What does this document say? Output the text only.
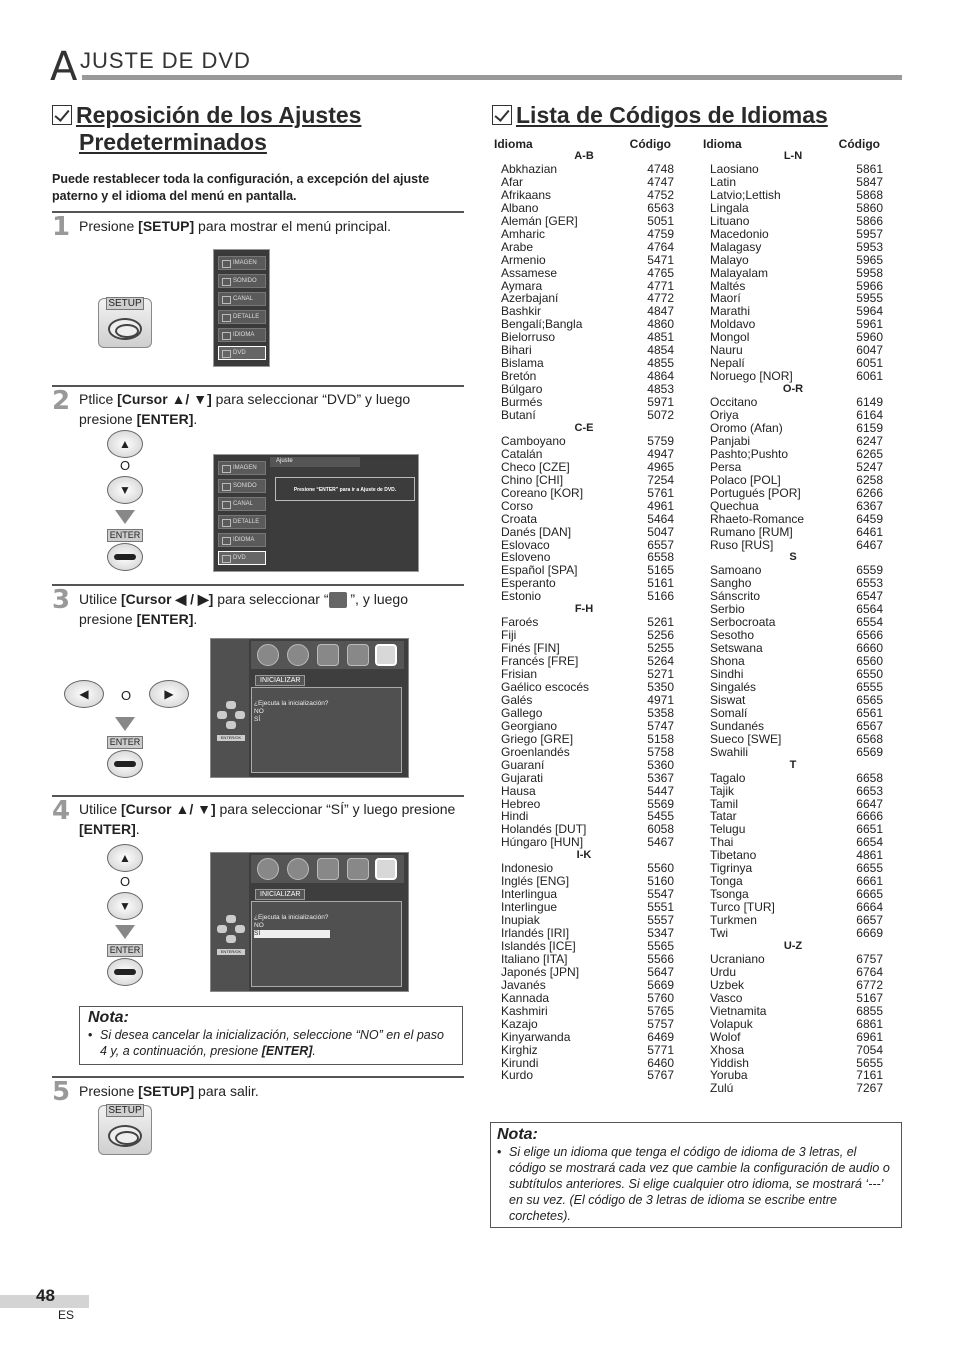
A JUSTE DE DVD
Reposición de los Ajustes
Predeterminados
Puede restablecer toda la configuración, a excepción del ajuste paterno y el idioma del menú en pantalla.
1 Presione [SETUP] para mostrar el menú principal.
SETUP
IMAGEN
SONIDO
CANAL
DETALLE
IDIOMA
DVD
2 Ptlice [Cursor ▲/ ▼] para seleccionar “DVD” y luego presione [ENTER].
▲
O
▼
ENTER
IMAGEN
SONIDO
CANAL
DETALLE
IDIOMA
DVD
Ajuste
Presione “ENTER” para ir a Ajuste de DVD.
3 Utilice [Cursor ◀ / ▶] para seleccionar “ ”, y luego presione [ENTER].
◀	O	▶
ENTER
INICIALIZAR
ENTER/OK
¿Ejecuta la inicialización?
NO
SÍ
4 Utilice [Cursor ▲/ ▼] para seleccionar “SÍ” y luego presione [ENTER].
▲
O
▼
ENTER
INICIALIZAR
ENTER/OK
¿Ejecuta la inicialización?
NO
SÍ
Nota:
• Si desea cancelar la inicialización, seleccione “NO” en el paso 4 y, a continuación, presione [ENTER].
5 Presione [SETUP] para salir.
SETUP
Lista de Códigos de Idiomas
Idioma	Código
A-B
Abkhazian	4748
Afar	4747
Afrikaans	4752
Albano	6563
Alemán [GER]	5051
Amharic	4759
Arabe	4764
Armenio	5471
Assamese	4765
Aymara	4771
Azerbajaní	4772
Bashkir	4847
Bengalí;Bangla	4860
Bielorruso	4851
Bihari	4854
Bislama	4855
Bretón	4864
Búlgaro	4853
Burmés	5971
Butaní	5072
C-E
Camboyano	5759
Catalán	4947
Checo [CZE]	4965
Chino [CHI]	7254
Coreano [KOR]	5761
Corso	4961
Croata	5464
Danés [DAN]	5047
Eslovaco	6557
Esloveno	6558
Español [SPA]	5165
Esperanto	5161
Estonio	5166
F-H
Faroés	5261
Fiji	5256
Finés [FIN]	5255
Francés [FRE]	5264
Frisian	5271
Gaélico escocés	5350
Galés	4971
Gallego	5358
Georgiano	5747
Griego [GRE]	5158
Groenlandés	5758
Guaraní	5360
Gujarati	5367
Hausa	5447
Hebreo	5569
Hindi	5455
Holandés [DUT]	6058
Húngaro [HUN]	5467
I-K
Indonesio	5560
Inglés [ENG]	5160
Interlingua	5547
Interlingue	5551
Inupiak	5557
Irlandés [IRI]	5347
Islandés [ICE]	5565
Italiano [ITA]	5566
Japonés [JPN]	5647
Javanés	5669
Kannada	5760
Kashmiri	5765
Kazajo	5757
Kinyarwanda	6469
Kirghiz	5771
Kirundi	6460
Kurdo	5767
Idioma	Código
L-N
Laosiano	5861
Latin	5847
Latvio;Lettish	5868
Lingala	5860
Lituano	5866
Macedonio	5957
Malagasy	5953
Malayo	5965
Malayalam	5958
Maltés	5966
Maorí	5955
Marathi	5964
Moldavo	5961
Mongol	5960
Nauru	6047
Nepalí	6051
Noruego [NOR]	6061
O-R
Occitano	6149
Oriya	6164
Oromo (Afan)	6159
Panjabi	6247
Pashto;Pushto	6265
Persa	5247
Polaco [POL]	6258
Portugués [POR]	6266
Quechua	6367
Rhaeto-Romance	6459
Rumano [RUM]	6461
Ruso [RUS]	6467
S
Samoano	6559
Sangho	6553
Sánscrito	6547
Serbio	6564
Serbocroata	6554
Sesotho	6566
Setswana	6660
Shona	6560
Sindhi	6550
Singalés	6555
Siswat	6565
Somalí	6561
Sundanés	6567
Sueco [SWE]	6568
Swahili	6569
T
Tagalo	6658
Tajik	6653
Tamil	6647
Tatar	6666
Telugu	6651
Thai	6654
Tibetano	4861
Tigrinya	6655
Tonga	6661
Tsonga	6665
Turco [TUR]	6664
Turkmen	6657
Twi	6669
U-Z
Ucraniano	6757
Urdu	6764
Uzbek	6772
Vasco	5167
Vietnamita	6855
Volapuk	6861
Wolof	6961
Xhosa	7054
Yiddish	5655
Yoruba	7161
Zulú	7267
Nota:
• Si elige un idioma que tenga el código de idioma de 3 letras, el código se mostrará cada vez que cambie la configuración de audio o subtítulos anteriores. Si elige cualquier otro idioma, se mostrará ‘---’ en su vez. (El código de 3 letras de idioma se escribe entre corchetes).
48
ES
